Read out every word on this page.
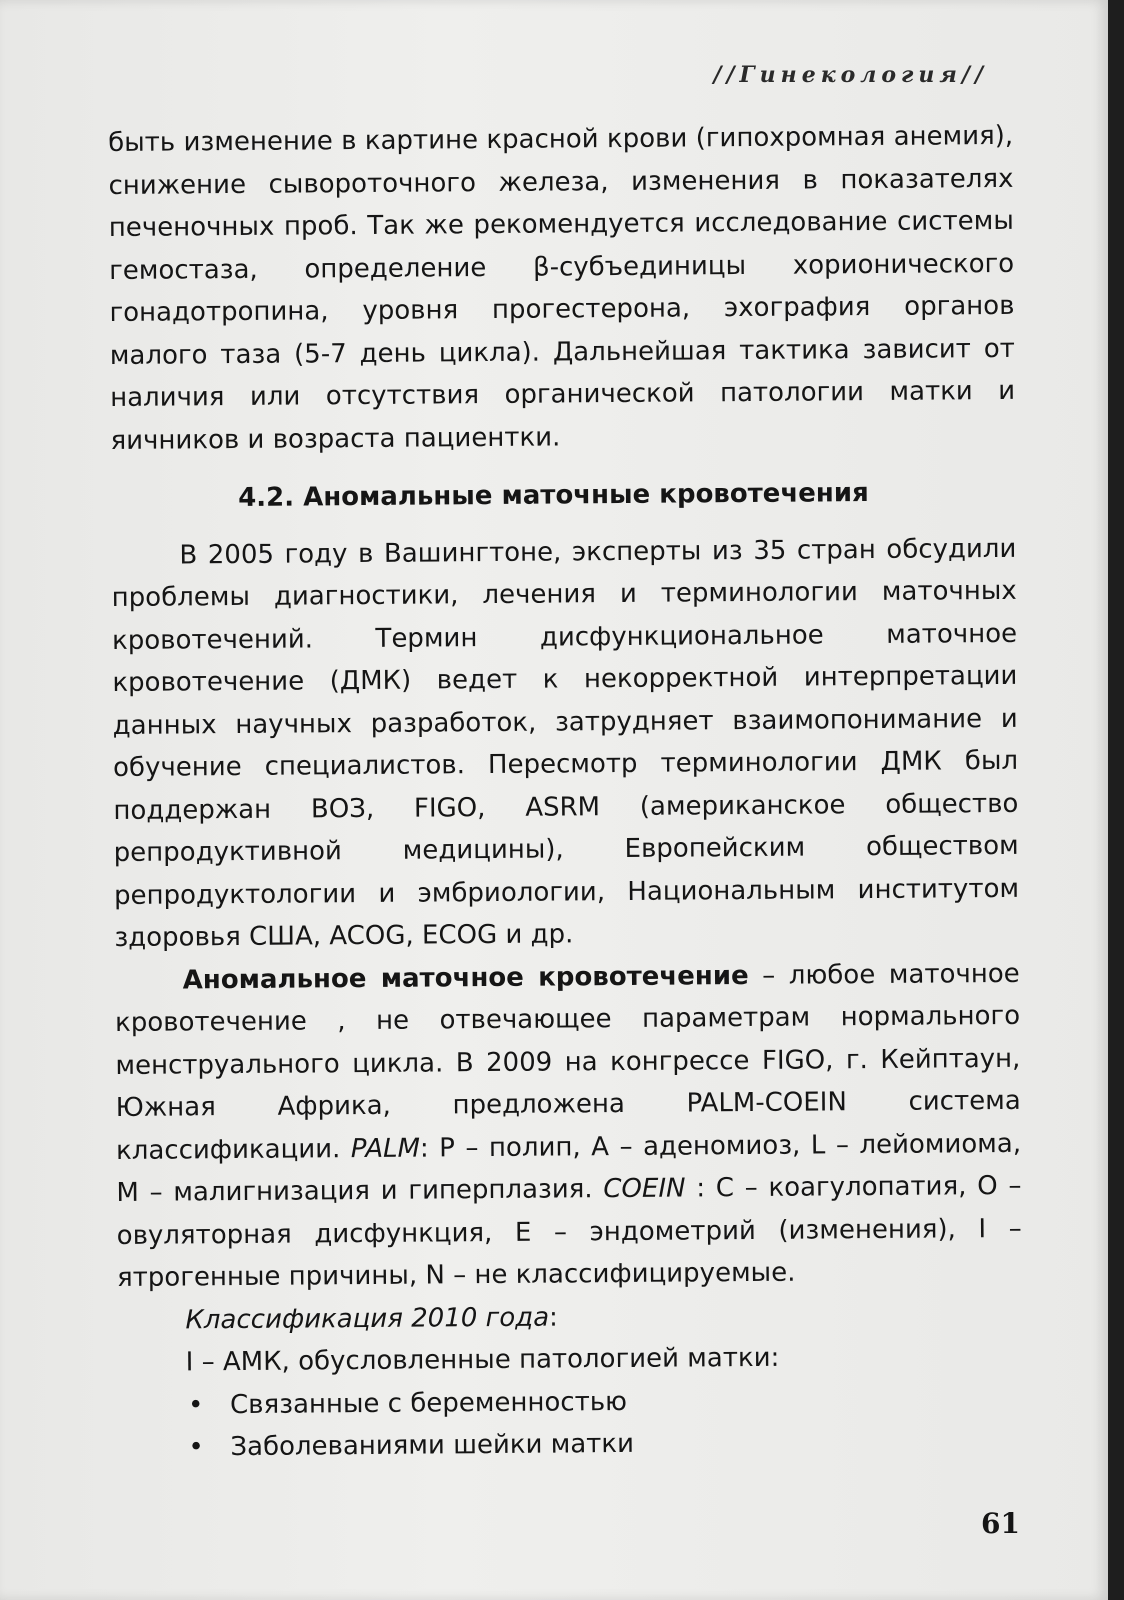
//Гинекология//

быть изменение в картине красной крови (гипохромная анемия), снижение сывороточного железа, изменения в показателях печеночных проб. Так же рекомендуется исследование системы гемостаза, определение β-субъединицы хорионического гонадотропина, уровня прогестерона, эхография органов малого таза (5-7 день цикла). Дальнейшая тактика зависит от наличия или отсутствия органической патологии матки и яичников и возраста пациентки.

4.2. Аномальные маточные кровотечения

В 2005 году в Вашингтоне, эксперты из 35 стран обсудили проблемы диагностики, лечения и терминологии маточных кровотечений. Термин дисфункциональное маточное кровотечение (ДМК) ведет к некорректной интерпретации данных научных разработок, затрудняет взаимопонимание и обучение специалистов. Пересмотр терминологии ДМК был поддержан ВОЗ, FIGO, ASRM (американское общество репродуктивной медицины), Европейским обществом репродуктологии и эмбриологии, Национальным институтом здоровья США, ACOG, ECOG и др.

Аномальное маточное кровотечение – любое маточное кровотечение , не отвечающее параметрам нормального менструального цикла. В 2009 на конгрессе FIGO, г. Кейптаун, Южная Африка, предложена PALM-COEIN система классификации. PALM: P – полип, A – аденомиоз, L – лейомиома, M – малигнизация и гиперплазия. COEIN : C – коагулопатия, O – овуляторная дисфункция, E – эндометрий (изменения), I – ятрогенные причины, N – не классифицируемые.

Классификация 2010 года:

I – АМК, обусловленные патологией матки:

• Связанные с беременностью
• Заболеваниями шейки матки
61
